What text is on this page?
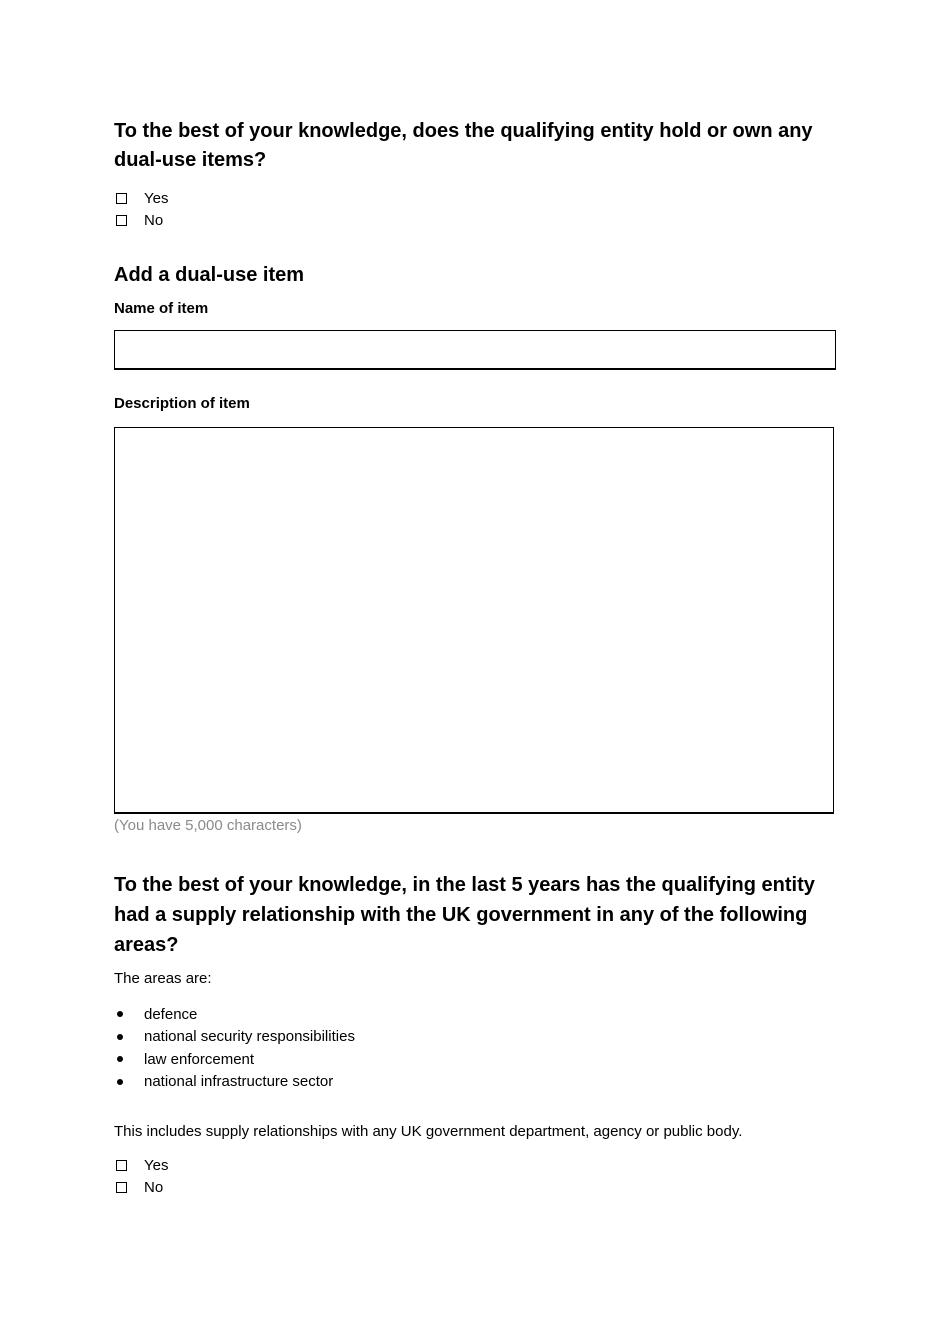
To the best of your knowledge, does the qualifying entity hold or own any dual-use items?

Yes
No
Add a dual-use item
Name of item
Description of item
(You have 5,000 characters)

To the best of your knowledge, in the last 5 years has the qualifying entity had a supply relationship with the UK government in any of the following areas?

The areas are:
defence
national security responsibilities
law enforcement
national infrastructure sector
This includes supply relationships with any UK government department, agency or public body.
Yes
No
